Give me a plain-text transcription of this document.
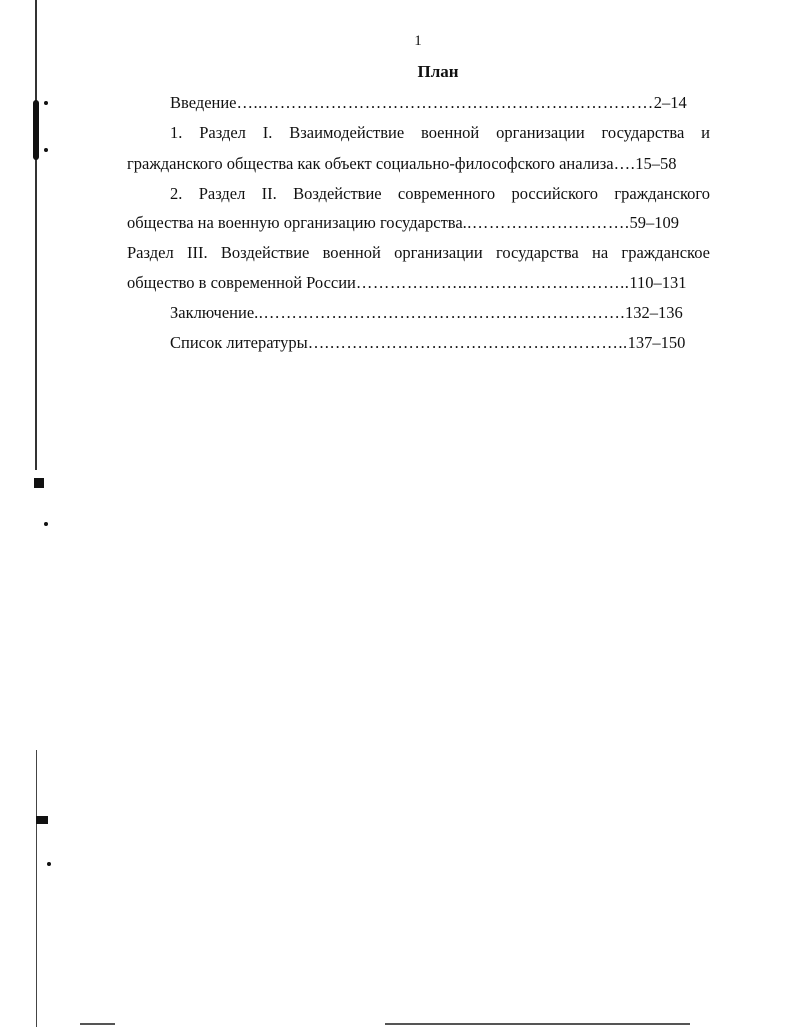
1
План
Введение…..……………………………………………………………2–14
1. Раздел I. Взаимодействие военной организации государства и
гражданского общества как объект социально-философского анализа….15–58
2. Раздел II. Воздействие современного российского гражданского
общества на военную организацию государства..……………………….59–109
Раздел III. Воздействие военной организации государства на гражданское
общество в современной России………………..………………………..110–131
Заключение..……………………………………………………….132–136
Список литературы….……………………………………………..137–150
